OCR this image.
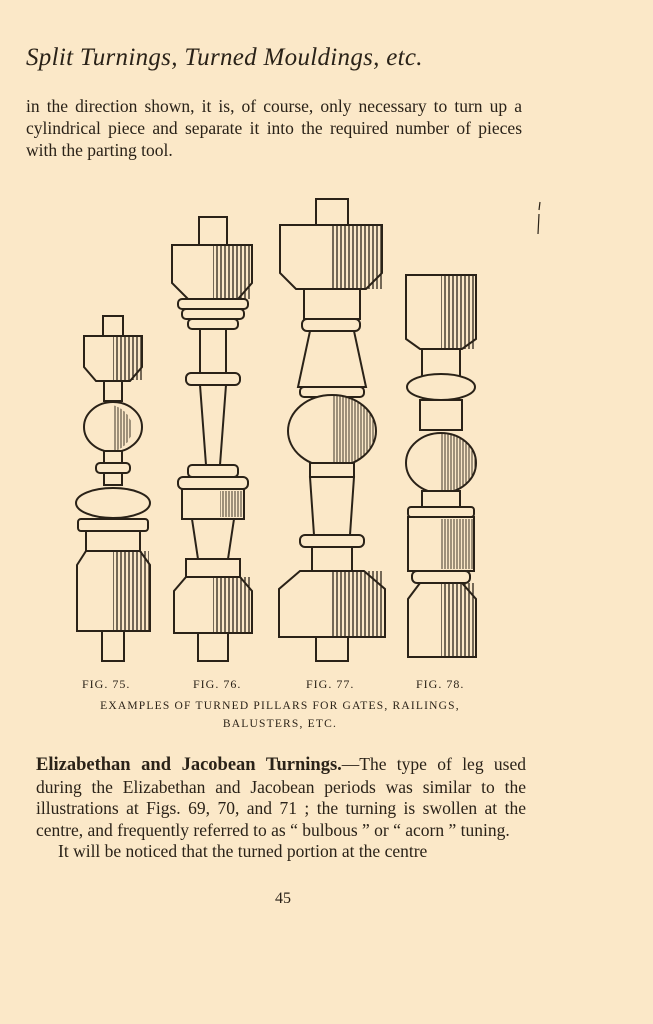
Split Turnings, Turned Mouldings, etc.
in the direction shown, it is, of course, only necessary to turn up a cylindrical piece and separate it into the required number of pieces with the parting tool.
FIG. 75.	FIG. 76.	FIG. 77.	FIG. 78.
EXAMPLES OF TURNED PILLARS FOR GATES, RAILINGS,
BALUSTERS, ETC.

Elizabethan and Jacobean Turnings.—The type of leg used during the Elizabethan and Jacobean periods was similar to the illustrations at Figs. 69, 70, and 71 ; the turning is swollen at the centre, and frequently referred to as “ bulbous ” or “ acorn ” tuning.

It will be noticed that the turned portion at the centre

45
